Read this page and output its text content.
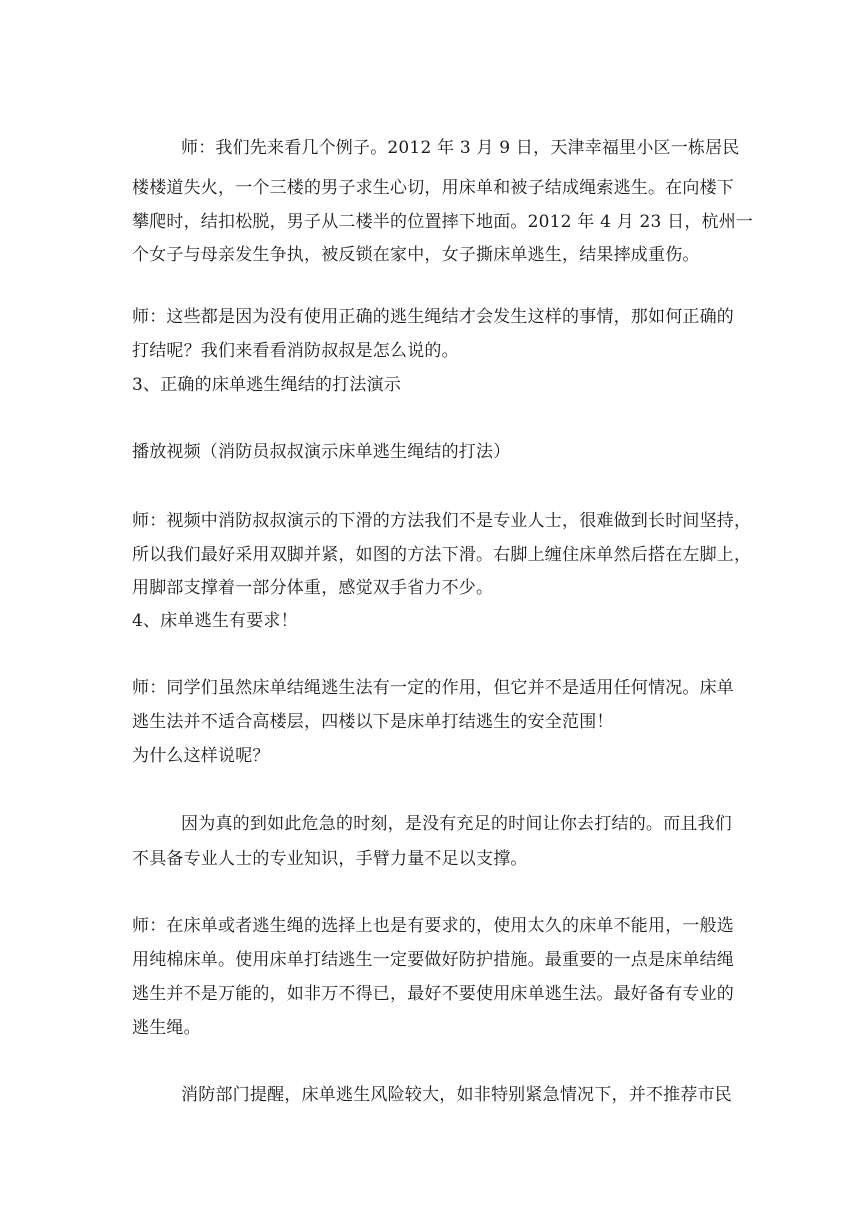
师：我们先来看几个例子。2012 年 3 月 9 日，天津幸福里小区一栋居民
楼楼道失火，一个三楼的男子求生心切，用床单和被子结成绳索逃生。在向楼下
攀爬时，结扣松脱，男子从二楼半的位置摔下地面。2012 年 4 月 23 日，杭州一
个女子与母亲发生争执，被反锁在家中，女子撕床单逃生，结果摔成重伤。
师：这些都是因为没有使用正确的逃生绳结才会发生这样的事情，那如何正确的
打结呢？我们来看看消防叔叔是怎么说的。
3、正确的床单逃生绳结的打法演示
播放视频（消防员叔叔演示床单逃生绳结的打法）
师：视频中消防叔叔演示的下滑的方法我们不是专业人士，很难做到长时间坚持，
所以我们最好采用双脚并紧，如图的方法下滑。右脚上缠住床单然后搭在左脚上，
用脚部支撑着一部分体重，感觉双手省力不少。
4、床单逃生有要求！
师：同学们虽然床单结绳逃生法有一定的作用，但它并不是适用任何情况。床单
逃生法并不适合高楼层，四楼以下是床单打结逃生的安全范围！
为什么这样说呢？
因为真的到如此危急的时刻，是没有充足的时间让你去打结的。而且我们
不具备专业人士的专业知识，手臂力量不足以支撑。
师：在床单或者逃生绳的选择上也是有要求的，使用太久的床单不能用，一般选
用纯棉床单。使用床单打结逃生一定要做好防护措施。最重要的一点是床单结绳
逃生并不是万能的，如非万不得已，最好不要使用床单逃生法。最好备有专业的
逃生绳。
消防部门提醒，床单逃生风险较大，如非特别紧急情况下，并不推荐市民
